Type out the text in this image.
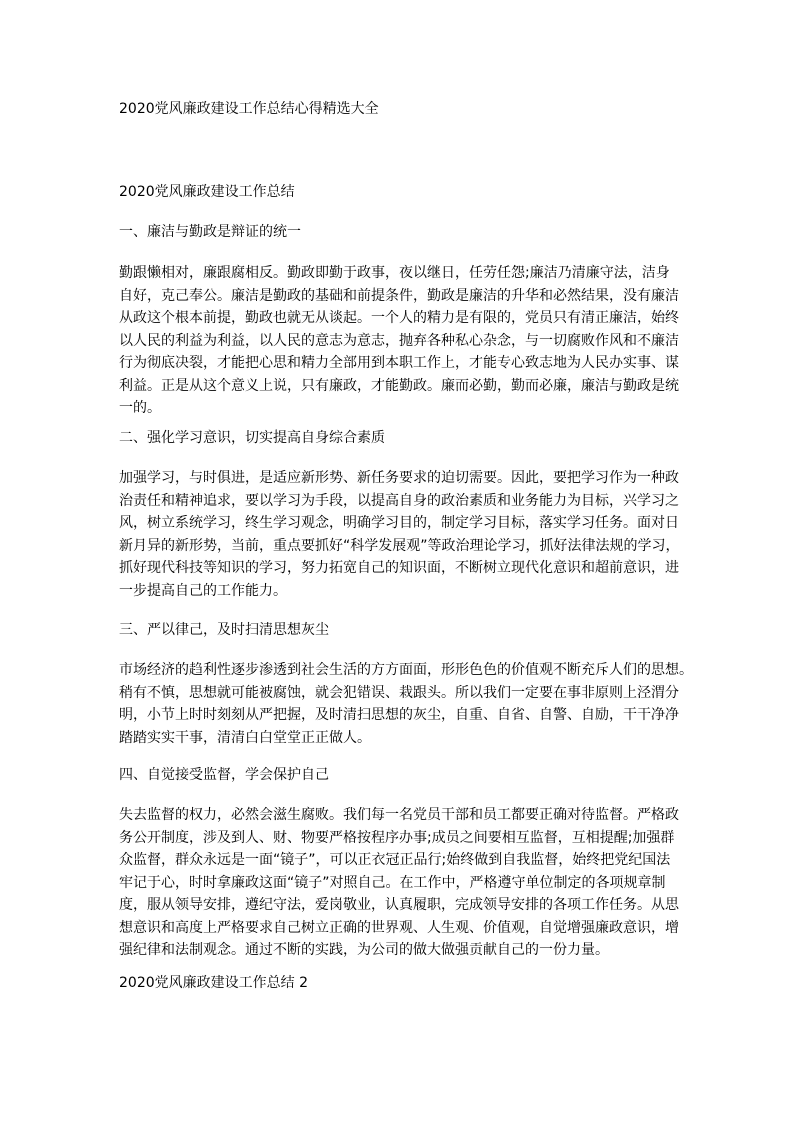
2020党风廉政建设工作总结心得精选大全
2020党风廉政建设工作总结
一、廉洁与勤政是辩证的统一
勤跟懒相对，廉跟腐相反。勤政即勤于政事，夜以继日，任劳任怨;廉洁乃清廉守法，洁身
自好，克己奉公。廉洁是勤政的基础和前提条件，勤政是廉洁的升华和必然结果，没有廉洁
从政这个根本前提，勤政也就无从谈起。一个人的精力是有限的，党员只有清正廉洁，始终
以人民的利益为利益，以人民的意志为意志，抛弃各种私心杂念，与一切腐败作风和不廉洁
行为彻底决裂，才能把心思和精力全部用到本职工作上，才能专心致志地为人民办实事、谋
利益。正是从这个意义上说，只有廉政，才能勤政。廉而必勤，勤而必廉，廉洁与勤政是统
一的。
二、强化学习意识，切实提高自身综合素质
加强学习，与时俱进，是适应新形势、新任务要求的迫切需要。因此，要把学习作为一种政
治责任和精神追求，要以学习为手段，以提高自身的政治素质和业务能力为目标，兴学习之
风，树立系统学习，终生学习观念，明确学习目的，制定学习目标，落实学习任务。面对日
新月异的新形势，当前，重点要抓好“科学发展观”等政治理论学习，抓好法律法规的学习，
抓好现代科技等知识的学习，努力拓宽自己的知识面，不断树立现代化意识和超前意识，进
一步提高自己的工作能力。
三、严以律己，及时扫清思想灰尘
市场经济的趋利性逐步渗透到社会生活的方方面面，形形色色的价值观不断充斥人们的思想。
稍有不慎，思想就可能被腐蚀，就会犯错误、栽跟头。所以我们一定要在事非原则上泾渭分
明，小节上时时刻刻从严把握，及时清扫思想的灰尘，自重、自省、自警、自励，干干净净
踏踏实实干事，清清白白堂堂正正做人。
四、自觉接受监督，学会保护自己
失去监督的权力，必然会滋生腐败。我们每一名党员干部和员工都要正确对待监督。严格政
务公开制度，涉及到人、财、物要严格按程序办事;成员之间要相互监督，互相提醒;加强群
众监督，群众永远是一面“镜子”，可以正衣冠正品行;始终做到自我监督，始终把党纪国法
牢记于心，时时拿廉政这面“镜子”对照自己。在工作中，严格遵守单位制定的各项规章制
度，服从领导安排，遵纪守法，爱岗敬业，认真履职，完成领导安排的各项工作任务。从思
想意识和高度上严格要求自己树立正确的世界观、人生观、价值观，自觉增强廉政意识，增
强纪律和法制观念。通过不断的实践，为公司的做大做强贡献自己的一份力量。
2020党风廉政建设工作总结 2
